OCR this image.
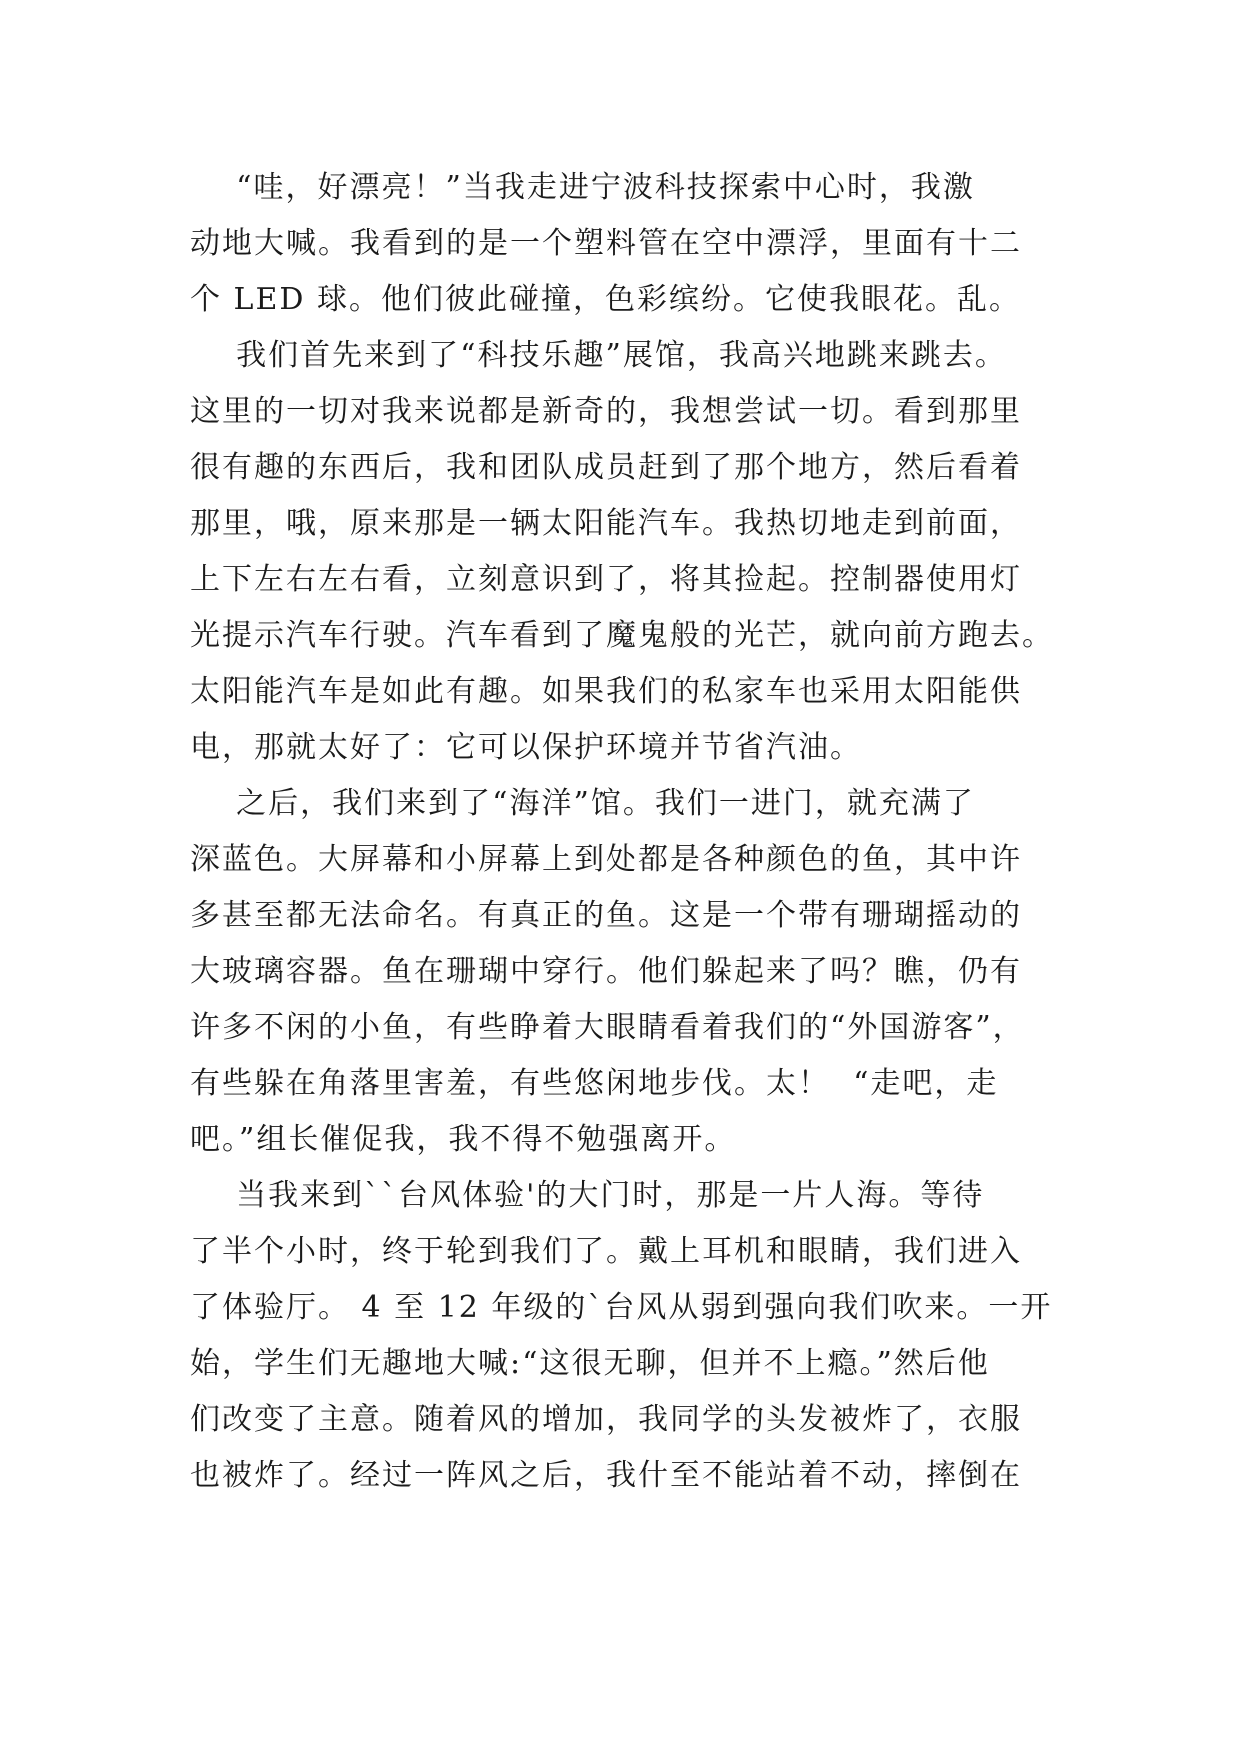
“哇，好漂亮！”当我走进宁波科技探索中心时，我激
动地大喊。我看到的是一个塑料管在空中漂浮，里面有十二
个 LED 球。他们彼此碰撞，色彩缤纷。它使我眼花。乱。
我们首先来到了“科技乐趣”展馆，我高兴地跳来跳去。
这里的一切对我来说都是新奇的，我想尝试一切。看到那里
很有趣的东西后，我和团队成员赶到了那个地方，然后看着
那里，哦，原来那是一辆太阳能汽车。我热切地走到前面，
上下左右左右看，立刻意识到了，将其捡起。控制器使用灯
光提示汽车行驶。汽车看到了魔鬼般的光芒，就向前方跑去。
太阳能汽车是如此有趣。如果我们的私家车也采用太阳能供
电，那就太好了：它可以保护环境并节省汽油。
之后，我们来到了“海洋”馆。我们一进门，就充满了
深蓝色。大屏幕和小屏幕上到处都是各种颜色的鱼，其中许
多甚至都无法命名。有真正的鱼。这是一个带有珊瑚摇动的
大玻璃容器。鱼在珊瑚中穿行。他们躲起来了吗？瞧，仍有
许多不闲的小鱼，有些睁着大眼睛看着我们的“外国游客”，
有些躲在角落里害羞，有些悠闲地步伐。太！  “走吧，走
吧。”组长催促我，我不得不勉强离开。
当我来到``台风体验'的大门时，那是一片人海。等待
了半个小时，终于轮到我们了。戴上耳机和眼睛，我们进入
了体验厅。 4 至 12 年级的`台风从弱到强向我们吹来。一开
始，学生们无趣地大喊:“这很无聊，但并不上瘾。”然后他
们改变了主意。随着风的增加，我同学的头发被炸了，衣服
也被炸了。经过一阵风之后，我什至不能站着不动，摔倒在
